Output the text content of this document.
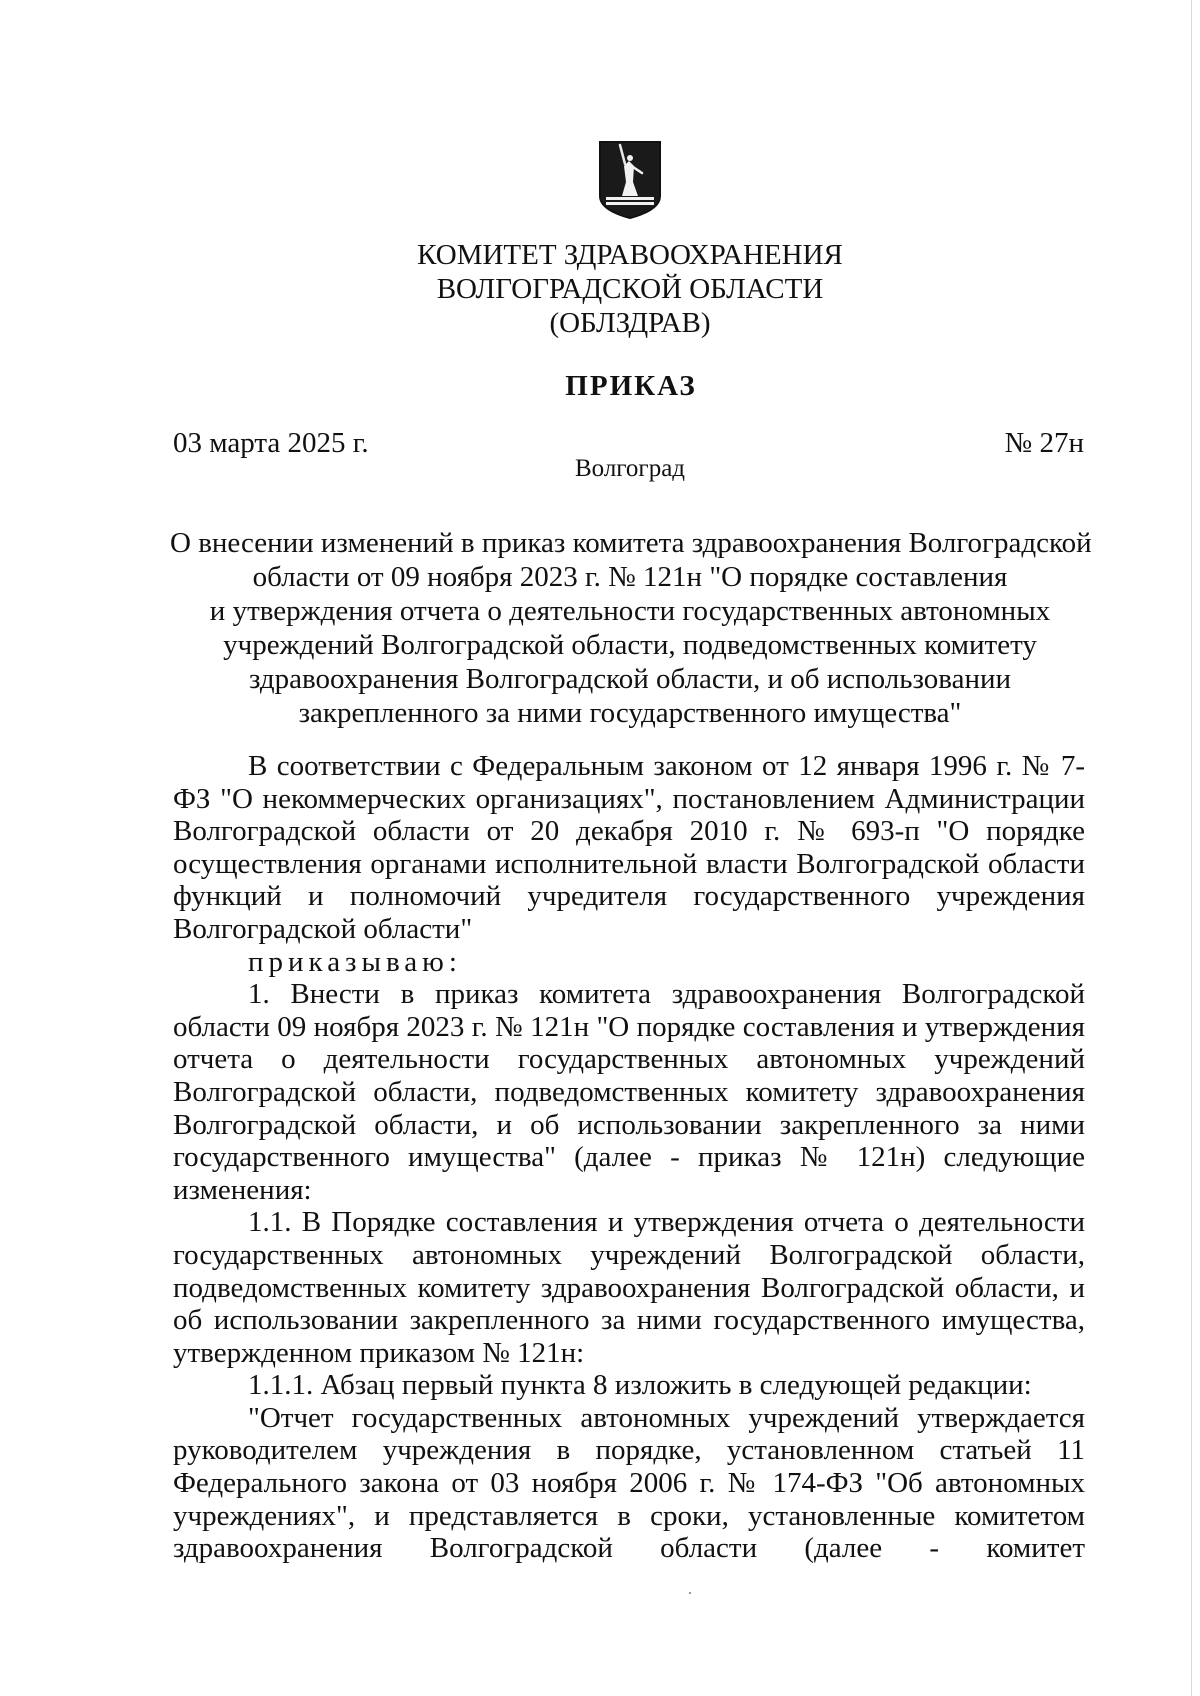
КОМИТЕТ ЗДРАВООХРАНЕНИЯ
ВОЛГОГРАДСКОЙ ОБЛАСТИ
(ОБЛЗДРАВ)
ПРИКАЗ
03 марта 2025 г.	№ 27н
Волгоград
О внесении изменений в приказ комитета здравоохранения Волгоградской
области от 09 ноября 2023 г. № 121н "О порядке составления
и утверждения отчета о деятельности государственных автономных
учреждений Волгоградской области, подведомственных комитету
здравоохранения Волгоградской области, и об использовании
закрепленного за ними государственного имущества"

В соответствии с Федеральным законом от 12 января 1996 г. № 7-ФЗ "О некоммерческих организациях", постановлением Администрации Волгоградской области от 20 декабря 2010 г. № 693-п "О порядке осуществления органами исполнительной власти Волгоградской области функций и полномочий учредителя государственного учреждения Волгоградской области"

приказываю:

1. Внести в приказ комитета здравоохранения Волгоградской области 09 ноября 2023 г. № 121н "О порядке составления и утверждения отчета о деятельности государственных автономных учреждений Волгоградской области, подведомственных комитету здравоохранения Волгоградской области, и об использовании закрепленного за ними государственного имущества" (далее - приказ № 121н) следующие изменения:

1.1. В Порядке составления и утверждения отчета о деятельности государственных автономных учреждений Волгоградской области, подведомственных комитету здравоохранения Волгоградской области, и об использовании закрепленного за ними государственного имущества, утвержденном приказом № 121н:

1.1.1. Абзац первый пункта 8 изложить в следующей редакции:

"Отчет государственных автономных учреждений утверждается руководителем учреждения в порядке, установленном статьей 11 Федерального закона от 03 ноября 2006 г. № 174-ФЗ "Об автономных учреждениях", и представляется в сроки, установленные комитетом здравоохранения Волгоградской области (далее - комитет
